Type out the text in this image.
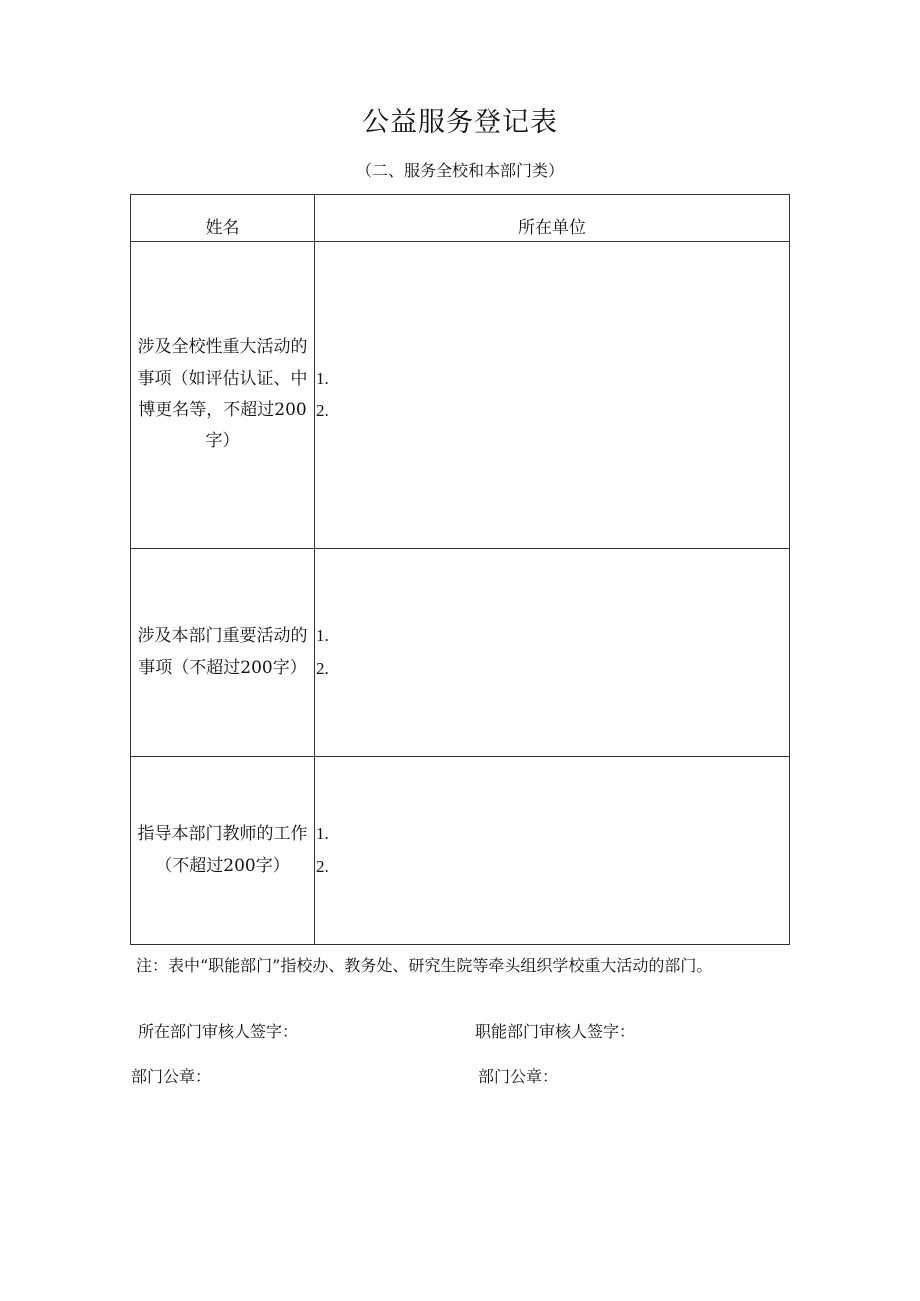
公益服务登记表
（二、服务全校和本部门类）
姓名	所在单位
涉及全校性重大活动的事项（如评估认证、中博更名等，不超过200字）	1.
2.

涉及本部门重要活动的事项（不超过200字）	1.
2.

指导本部门教师的工作（不超过200字）	1.
2.
注：表中“职能部门”指校办、教务处、研究生院等牵头组织学校重大活动的部门。
所在部门审核人签字：	职能部门审核人签字：
部门公章：	部门公章：
